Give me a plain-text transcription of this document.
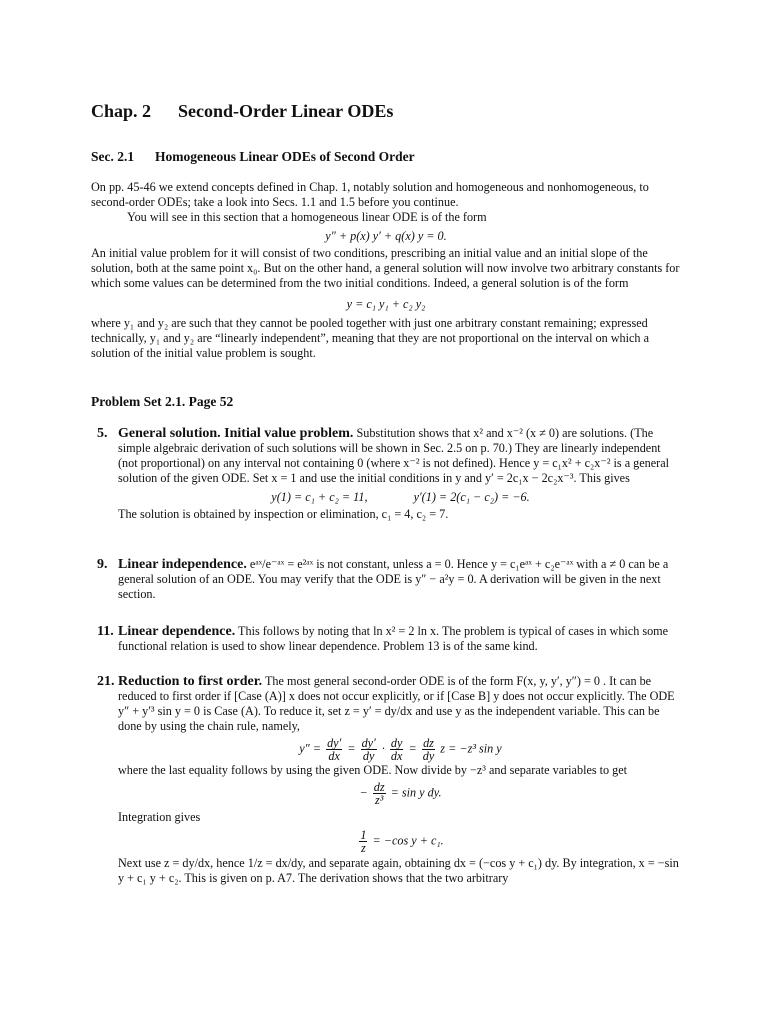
Chap. 2 Second-Order Linear ODEs
Sec. 2.1 Homogeneous Linear ODEs of Second Order

On pp. 45-46 we extend concepts defined in Chap. 1, notably solution and homogeneous and nonhomogeneous, to second-order ODEs; take a look into Secs. 1.1 and 1.5 before you continue.

You will see in this section that a homogeneous linear ODE is of the form

y″ + p(x) y′ + q(x) y = 0.

An initial value problem for it will consist of two conditions, prescribing an initial value and an initial slope of the solution, both at the same point x₀. But on the other hand, a general solution will now involve two arbitrary constants for which some values can be determined from the two initial conditions. Indeed, a general solution is of the form

y = c₁ y₁ + c₂ y₂

where y₁ and y₂ are such that they cannot be pooled together with just one arbitrary constant remaining; expressed technically, y₁ and y₂ are “linearly independent”, meaning that they are not proportional on the interval on which a solution of the initial value problem is sought.

Problem Set 2.1. Page 52
5. General solution. Initial value problem. Substitution shows that x² and x⁻² (x ≠ 0) are solutions. (The simple algebraic derivation of such solutions will be shown in Sec. 2.5 on p. 70.) They are linearly independent (not proportional) on any interval not containing 0 (where x⁻² is not defined). Hence y = c₁x² + c₂x⁻² is a general solution of the given ODE. Set x = 1 and use the initial conditions in y and y′ = 2c₁x − 2c₂x⁻³. This gives

y(1) = c₁ + c₂ = 11,	y′(1) = 2(c₁ − c₂) = −6.

The solution is obtained by inspection or elimination, c₁ = 4, c₂ = 7.

9. Linear independence. eᵃˣ/e⁻ᵃˣ = e²ᵃˣ is not constant, unless a = 0. Hence y = c₁eᵃˣ + c₂e⁻ᵃˣ with a ≠ 0 can be a general solution of an ODE. You may verify that the ODE is y″ − a²y = 0. A derivation will be given in the next section.

11. Linear dependence. This follows by noting that ln x² = 2 ln x. The problem is typical of cases in which some functional relation is used to show linear dependence. Problem 13 is of the same kind.

21. Reduction to first order. The most general second-order ODE is of the form F(x, y, y′, y″) = 0 . It can be reduced to first order if [Case (A)] x does not occur explicitly, or if [Case B] y does not occur explicitly. The ODE y″ + y′³ sin y = 0 is Case (A). To reduce it, set z = y′ = dy/dx and use y as the independent variable. This can be done by using the chain rule, namely,

$y'' = \frac{dy'}{dx} = \frac{dy'}{dy} \cdot \frac{dy}{dx} = \frac{dz}{dy}$ z = −z³ sin y

where the last equality follows by using the given ODE. Now divide by −z³ and separate variables to get

− $\frac{dz}{\text{z³}} = \sin y$ dy.

Integration gives

$\frac{1}{z} = -\cos$ y + c₁.

Next use z = dy/dx, hence 1/z = dx/dy, and separate again, obtaining dx = (−cos y + c₁) dy. By integration, x = −sin y + c₁ y + c₂. This is given on p. A7. The derivation shows that the two arbitrary
